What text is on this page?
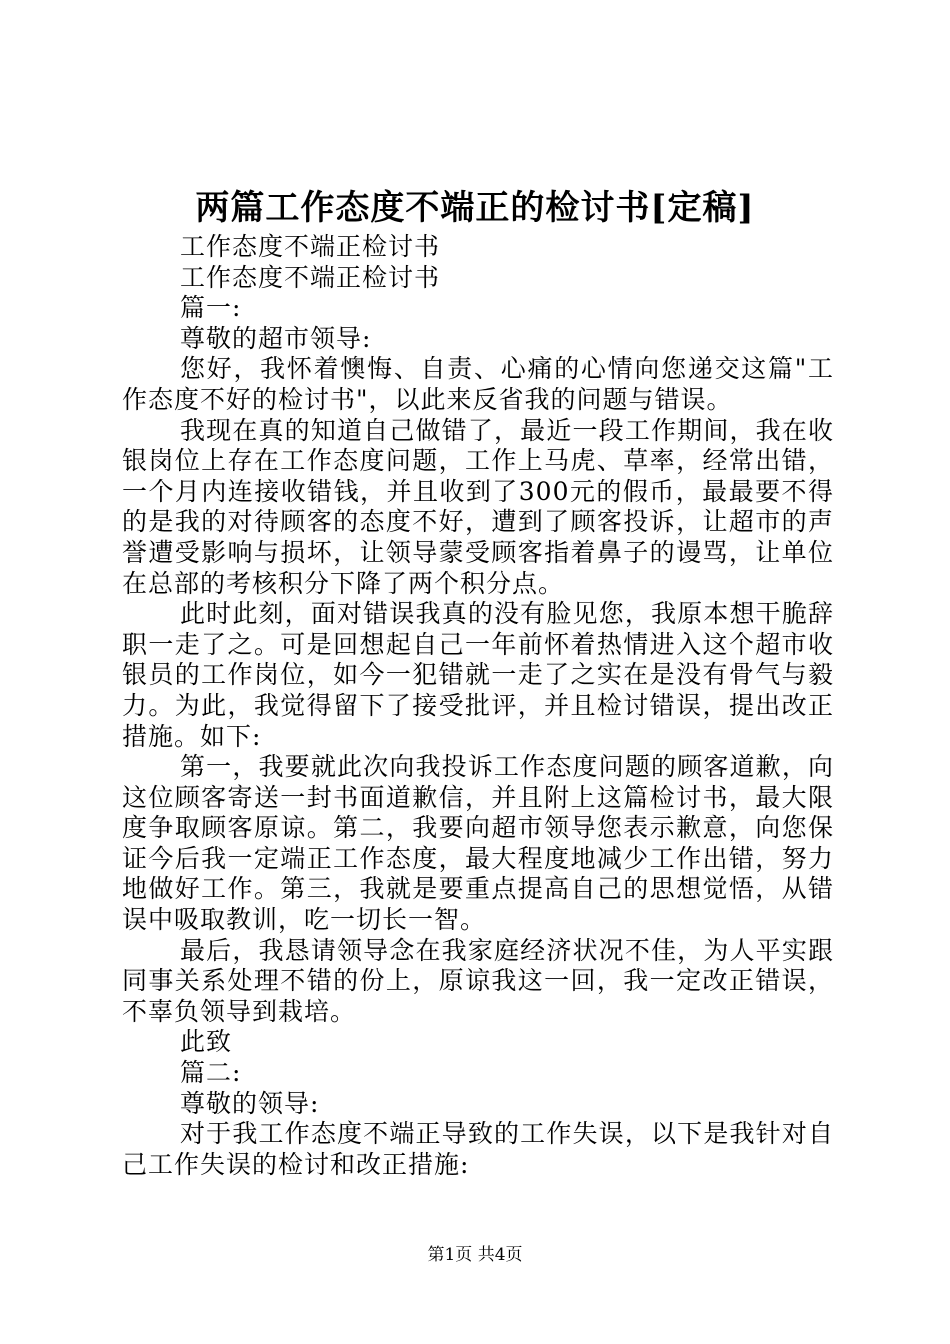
两篇工作态度不端正的检讨书[定稿]

工作态度不端正检讨书

工作态度不端正检讨书

篇一:

尊敬的超市领导:

您好，我怀着懊悔、自责、心痛的心情向您递交这篇"工作态度不好的检讨书"，以此来反省我的问题与错误。

我现在真的知道自己做错了，最近一段工作期间，我在收银岗位上存在工作态度问题，工作上马虎、草率，经常出错，一个月内连接收错钱，并且收到了300元的假币，最最要不得的是我的对待顾客的态度不好，遭到了顾客投诉，让超市的声誉遭受影响与损坏，让领导蒙受顾客指着鼻子的谩骂，让单位在总部的考核积分下降了两个积分点。

此时此刻，面对错误我真的没有脸见您，我原本想干脆辞职一走了之。可是回想起自己一年前怀着热情进入这个超市收银员的工作岗位，如今一犯错就一走了之实在是没有骨气与毅力。为此，我觉得留下了接受批评，并且检讨错误，提出改正措施。如下:

第一，我要就此次向我投诉工作态度问题的顾客道歉，向这位顾客寄送一封书面道歉信，并且附上这篇检讨书，最大限度争取顾客原谅。第二，我要向超市领导您表示歉意，向您保证今后我一定端正工作态度，最大程度地减少工作出错，努力地做好工作。第三，我就是要重点提高自己的思想觉悟，从错误中吸取教训，吃一切长一智。

最后，我恳请领导念在我家庭经济状况不佳，为人平实跟同事关系处理不错的份上，原谅我这一回，我一定改正错误，不辜负领导到栽培。

此致

篇二:

尊敬的领导:

对于我工作态度不端正导致的工作失误，以下是我针对自己工作失误的检讨和改正措施:

第1页 共4页
